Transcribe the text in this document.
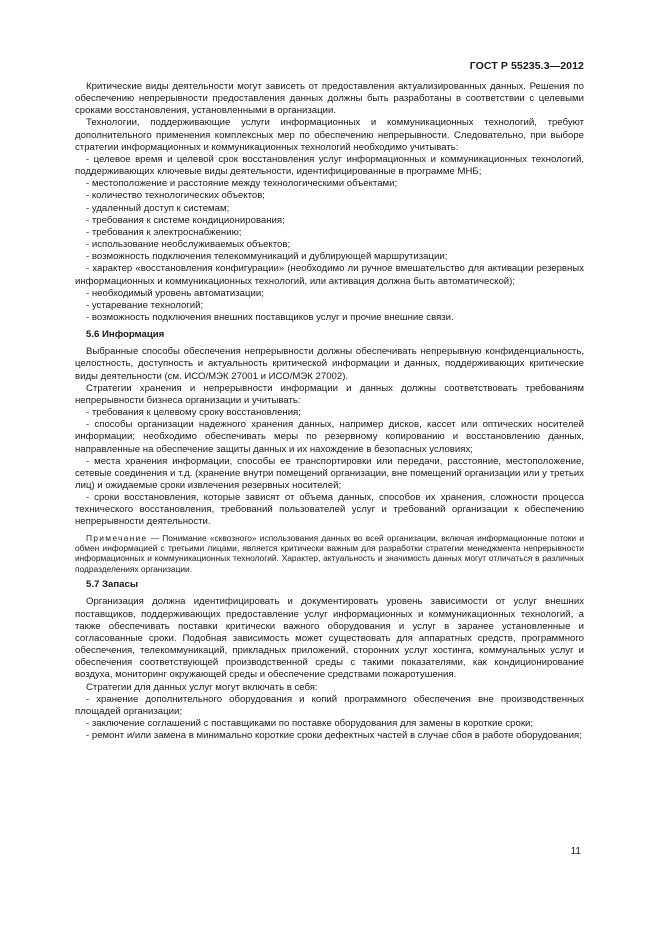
ГОСТ Р 55235.3—2012

Критические виды деятельности могут зависеть от предоставления актуализированных данных. Решения по обеспечению непрерывности предоставления данных должны быть разработаны в соответствии с целевыми сроками восстановления, установленными в организации.

Технологии, поддерживающие услуги информационных и коммуникационных технологий, требуют дополнительного применения комплексных мер по обеспечению непрерывности. Следовательно, при выборе стратегии информационных и коммуникационных технологий необходимо учитывать:

- целевое время и целевой срок восстановления услуг информационных и коммуникационных технологий, поддерживающих ключевые виды деятельности, идентифицированные в программе МНБ;

- местоположение и расстояние между технологическими объектами;

- количество технологических объектов;

- удаленный доступ к системам;

- требования к системе кондиционирования;

- требования к электроснабжению;

- использование необслуживаемых объектов;

- возможность подключения телекоммуникаций и дублирующей маршрутизации;

- характер «восстановления конфигурации» (необходимо ли ручное вмешательство для активации резервных информационных и коммуникационных технологий, или активация должна быть автоматической);

- необходимый уровень автоматизации;

- устаревание технологий;

- возможность подключения внешних поставщиков услуг и прочие внешние связи.

5.6 Информация

Выбранные способы обеспечения непрерывности должны обеспечивать непрерывную конфиденциальность, целостность, доступность и актуальность критической информации и данных, поддерживающих критические виды деятельности (см. ИСО/МЭК 27001 и ИСО/МЭК 27002).

Стратегии хранения и непрерывности информации и данных должны соответствовать требованиям непрерывности бизнеса организации и учитывать:

- требования к целевому сроку восстановления;

- способы организации надежного хранения данных, например дисков, кассет или оптических носителей информации; необходимо обеспечивать меры по резервному копированию и восстановлению данных, направленные на обеспечение защиты данных и их нахождение в безопасных условиях;

- места хранения информации, способы ее транспортировки или передачи, расстояние, местоположение, сетевые соединения и т.д. (хранение внутри помещений организации, вне помещений организации или у третьих лиц) и ожидаемые сроки извлечения резервных носителей;

- сроки восстановления, которые зависят от объема данных, способов их хранения, сложности процесса технического восстановления, требований пользователей услуг и требований организации к обеспечению непрерывности деятельности.

Примечание — Понимание «сквозного» использования данных во всей организации, включая информационные потоки и обмен информацией с третьими лицами, является критически важным для разработки стратегии менеджмента непрерывности информационных и коммуникационных технологий. Характер, актуальность и значимость данных могут отличаться в различных подразделениях организации.

5.7 Запасы

Организация должна идентифицировать и документировать уровень зависимости от услуг внешних поставщиков, поддерживающих предоставление услуг информационных и коммуникационных технологий, а также обеспечивать поставки критически важного оборудования и услуг в заранее установленные и согласованные сроки. Подобная зависимость может существовать для аппаратных средств, программного обеспечения, телекоммуникаций, прикладных приложений, сторонних услуг хостинга, коммунальных услуг и обеспечения соответствующей производственной среды с такими показателями, как кондиционирование воздуха, мониторинг окружающей среды и обеспечение средствами пожаротушения.

Стратегии для данных услуг могут включать в себя:

- хранение дополнительного оборудования и копий программного обеспечения вне производственных площадей организации;

- заключение соглашений с поставщиками по поставке оборудования для замены в короткие сроки;

- ремонт и/или замена в минимально короткие сроки дефектных частей в случае сбоя в работе оборудования;

11
